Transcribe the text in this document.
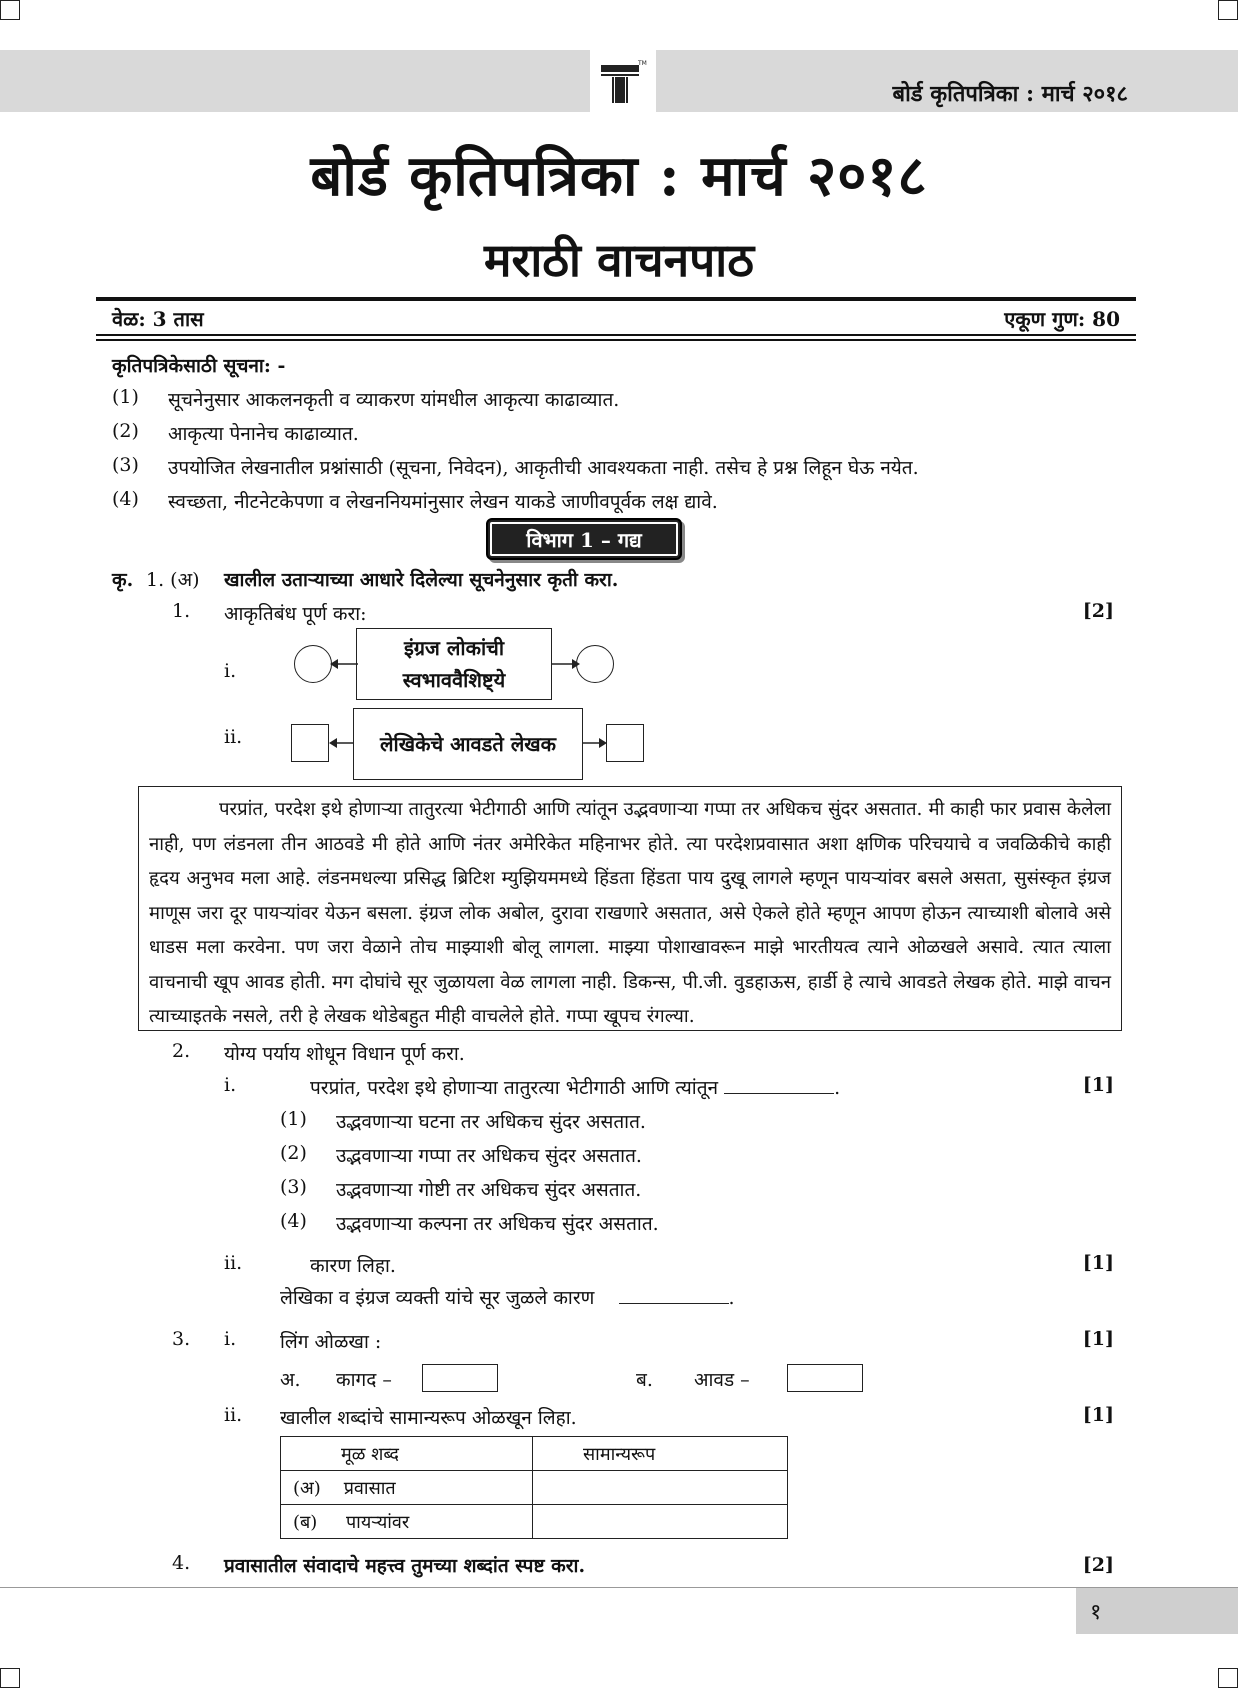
TM
बोर्ड कृतिपत्रिका : मार्च २०१८
बोर्ड कृतिपत्रिका : मार्च २०१८
मराठी वाचनपाठ
वेळ: 3 तास	एकूण गुण: 80
कृतिपत्रिकेसाठी सूचना: -
(1) सूचनेनुसार आकलनकृती व व्याकरण यांमधील आकृत्या काढाव्यात.
(2) आकृत्या पेनानेच काढाव्यात.
(3) उपयोजित लेखनातील प्रश्नांसाठी (सूचना, निवेदन), आकृतीची आवश्यकता नाही. तसेच हे प्रश्न लिहून घेऊ नयेत.
(4) स्वच्छता, नीटनेटकेपणा व लेखननियमांनुसार लेखन याकडे जाणीवपूर्वक लक्ष द्यावे.
विभाग 1 – गद्य
कृ. 1. (अ) खालील उताऱ्याच्या आधारे दिलेल्या सूचनेनुसार कृती करा.
1. आकृतिबंध पूर्ण करा:	[2]
i.
इंग्रज लोकांची
स्वभाववैशिष्ट्ये
ii.	लेखिकेचे आवडते लेखक

परप्रांत, परदेश इथे होणाऱ्या तातुरत्या भेटीगाठी आणि त्यांतून उद्भवणाऱ्या गप्पा तर अधिकच सुंदर असतात. मी काही फार प्रवास केलेला नाही, पण लंडनला तीन आठवडे मी होते आणि नंतर अमेरिकेत महिनाभर होते. त्या परदेशप्रवासात अशा क्षणिक परिचयाचे व जवळिकीचे काही हृदय अनुभव मला आहे. लंडनमधल्या प्रसिद्ध ब्रिटिश म्युझियममध्ये हिंडता हिंडता पाय दुखू लागले म्हणून पायऱ्यांवर बसले असता, सुसंस्कृत इंग्रज माणूस जरा दूर पायऱ्यांवर येऊन बसला. इंग्रज लोक अबोल, दुरावा राखणारे असतात, असे ऐकले होते म्हणून आपण होऊन त्याच्याशी बोलावे असे धाडस मला करवेना. पण जरा वेळाने तोच माझ्याशी बोलू लागला. माझ्या पोशाखावरून माझे भारतीयत्व त्याने ओळखले असावे. त्यात त्याला वाचनाची खूप आवड होती. मग दोघांचे सूर जुळायला वेळ लागला नाही. डिकन्स, पी.जी. वुडहाऊस, हार्डी हे त्याचे आवडते लेखक होते. माझे वाचन त्याच्याइतके नसले, तरी हे लेखक थोडेबहुत मीही वाचलेले होते. गप्पा खूपच रंगल्या.

2. योग्य पर्याय शोधून विधान पूर्ण करा.
i.	परप्रांत, परदेश इथे होणाऱ्या तातुरत्या भेटीगाठी आणि त्यांतून	.	[1]
(1) उद्भवणाऱ्या घटना तर अधिकच सुंदर असतात.
(2) उद्भवणाऱ्या गप्पा तर अधिकच सुंदर असतात.
(3) उद्भवणाऱ्या गोष्टी तर अधिकच सुंदर असतात.
(4) उद्भवणाऱ्या कल्पना तर अधिकच सुंदर असतात.
ii.	कारण लिहा.	[1]
लेखिका व इंग्रज व्यक्ती यांचे सूर जुळले कारण	.
3. i. लिंग ओळखा :	[1]
अ. कागद –	ब. आवड –
ii. खालील शब्दांचे सामान्यरूप ओळखून लिहा.	[1]
मूळ शब्द	सामान्यरूप
(अ) प्रवासात	
(ब) पायऱ्यांवर	
4. प्रवासातील संवादाचे महत्त्व तुमच्या शब्दांत स्पष्ट करा.	[2]
१
